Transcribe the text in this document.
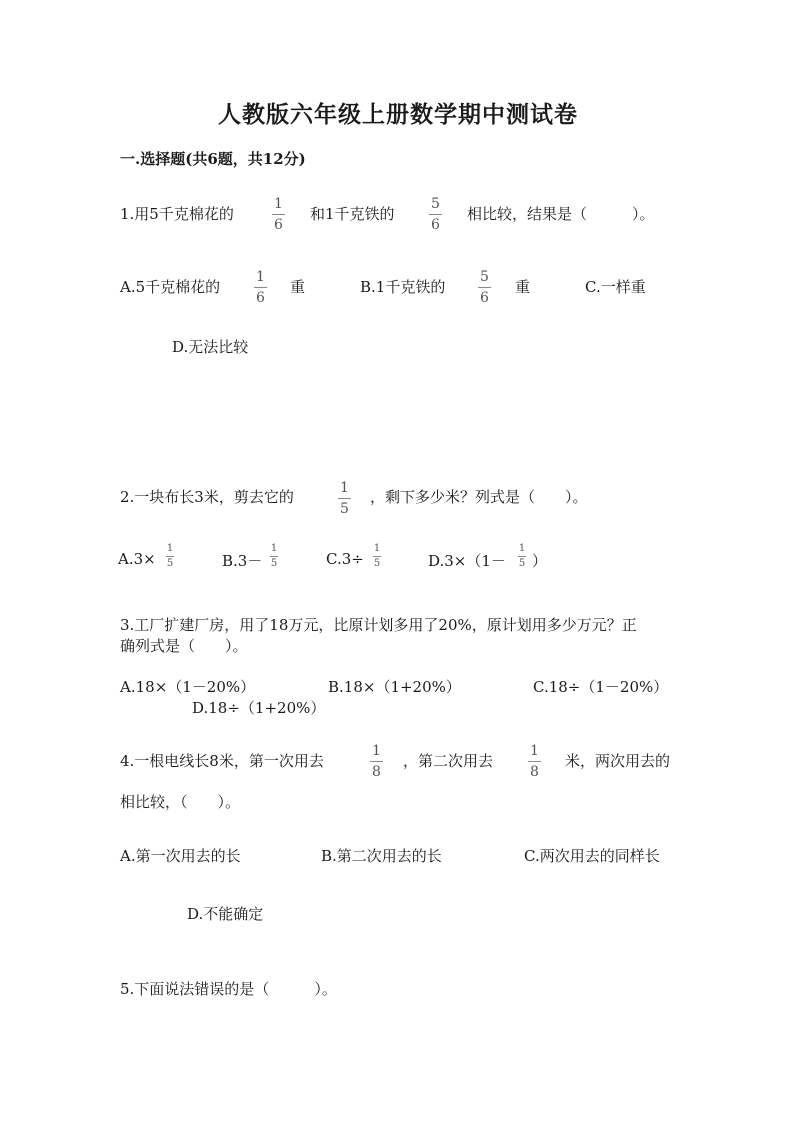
人教版六年级上册数学期中测试卷
一.选择题(共6题，共12分)
1.用5千克棉花的
1
6
和1千克铁的
5
6
相比较，结果是（　　　）。
A.5千克棉花的
1
6
重	B.1千克铁的
5
6
重	C.一样重
D.无法比较
2.一块布长3米，剪去它的	1
5
，剩下多少米？列式是（　　）。
A.3×
1
5	B.3－
1
5	C.3÷
1
5	D.3×（1－
1
5 ）
3.工厂扩建厂房，用了18万元，比原计划多用了20%，原计划用多少万元？正
确列式是（　　）。
A.18×（1－20%）	B.18×（1+20%）	C.18÷（1－20%）
D.18÷（1+20%）
4.一根电线长8米，第一次用去
1
8
，第二次用去
1
8
米，两次用去的
相比较，（　　）。
A.第一次用去的长	B.第二次用去的长	C.两次用去的同样长
D.不能确定
5.下面说法错误的是（　　　）。
